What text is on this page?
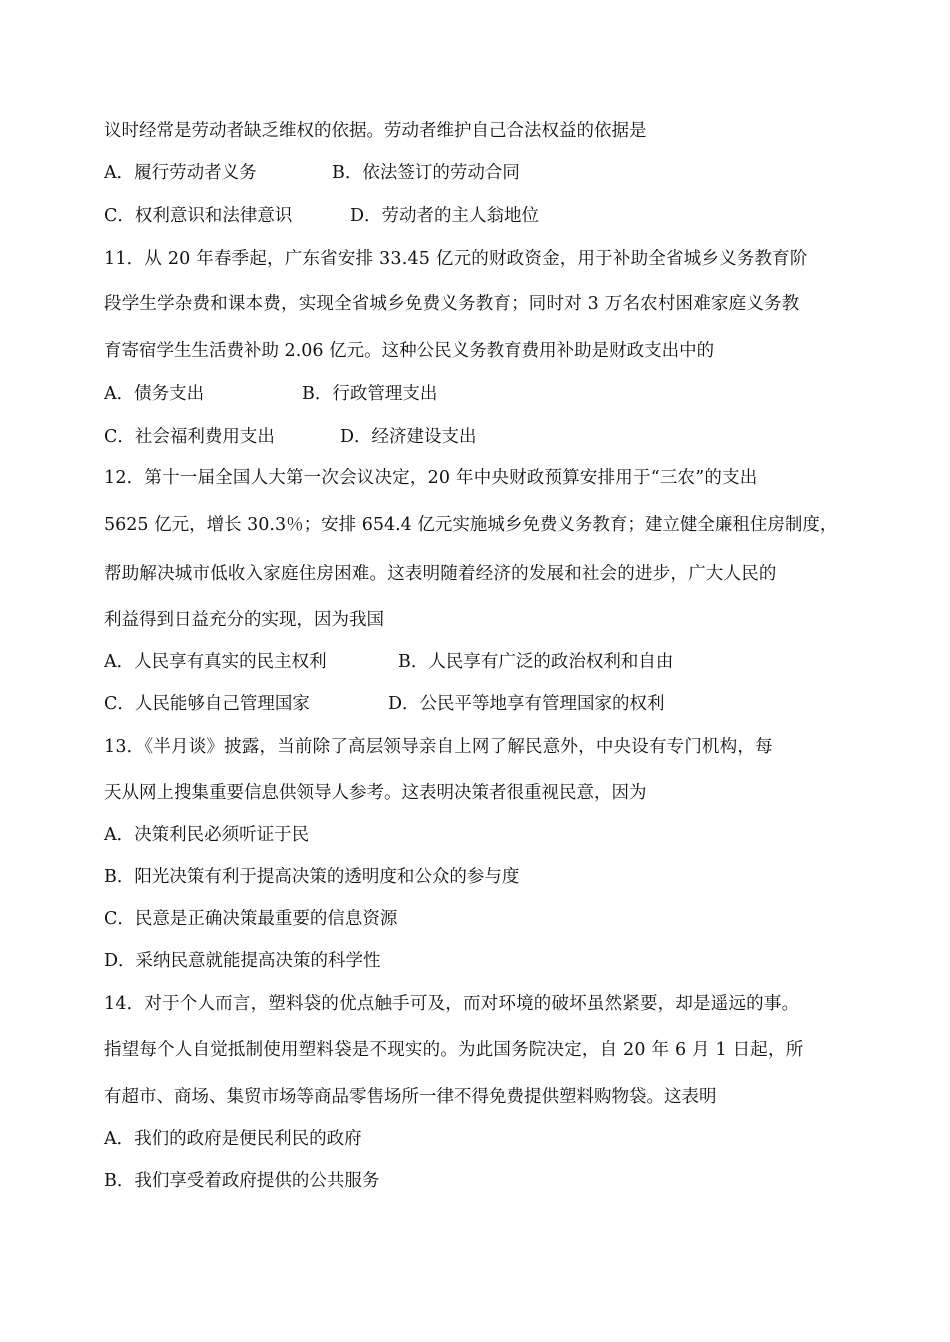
议时经常是劳动者缺乏维权的依据。劳动者维护自己合法权益的依据是
A．履行劳动者义务	B．依法签订的劳动合同
C．权利意识和法律意识	D．劳动者的主人翁地位
11．从 20 年春季起，广东省安排 33.45 亿元的财政资金，用于补助全省城乡义务教育阶
段学生学杂费和课本费，实现全省城乡免费义务教育；同时对 3 万名农村困难家庭义务教
育寄宿学生生活费补助 2.06 亿元。这种公民义务教育费用补助是财政支出中的
A．债务支出	B．行政管理支出
C．社会福利费用支出	D．经济建设支出
12．第十一届全国人大第一次会议决定，20 年中央财政预算安排用于“三农”的支出
5625 亿元，增长 30.3％；安排 654.4 亿元实施城乡免费义务教育；建立健全廉租住房制度，
帮助解决城市低收入家庭住房困难。这表明随着经济的发展和社会的进步，广大人民的
利益得到日益充分的实现，因为我国
A．人民享有真实的民主权利	B．人民享有广泛的政治权利和自由
C．人民能够自己管理国家	D．公民平等地享有管理国家的权利
13．《半月谈》披露，当前除了高层领导亲自上网了解民意外，中央设有专门机构，每
天从网上搜集重要信息供领导人参考。这表明决策者很重视民意，因为
A．决策利民必须听证于民
B．阳光决策有利于提高决策的透明度和公众的参与度
C．民意是正确决策最重要的信息资源
D．采纳民意就能提高决策的科学性
14．对于个人而言，塑料袋的优点触手可及，而对环境的破坏虽然紧要，却是遥远的事。
指望每个人自觉抵制使用塑料袋是不现实的。为此国务院决定，自 20 年 6 月 1 日起，所
有超市、商场、集贸市场等商品零售场所一律不得免费提供塑料购物袋。这表明
A．我们的政府是便民利民的政府
B．我们享受着政府提供的公共服务
